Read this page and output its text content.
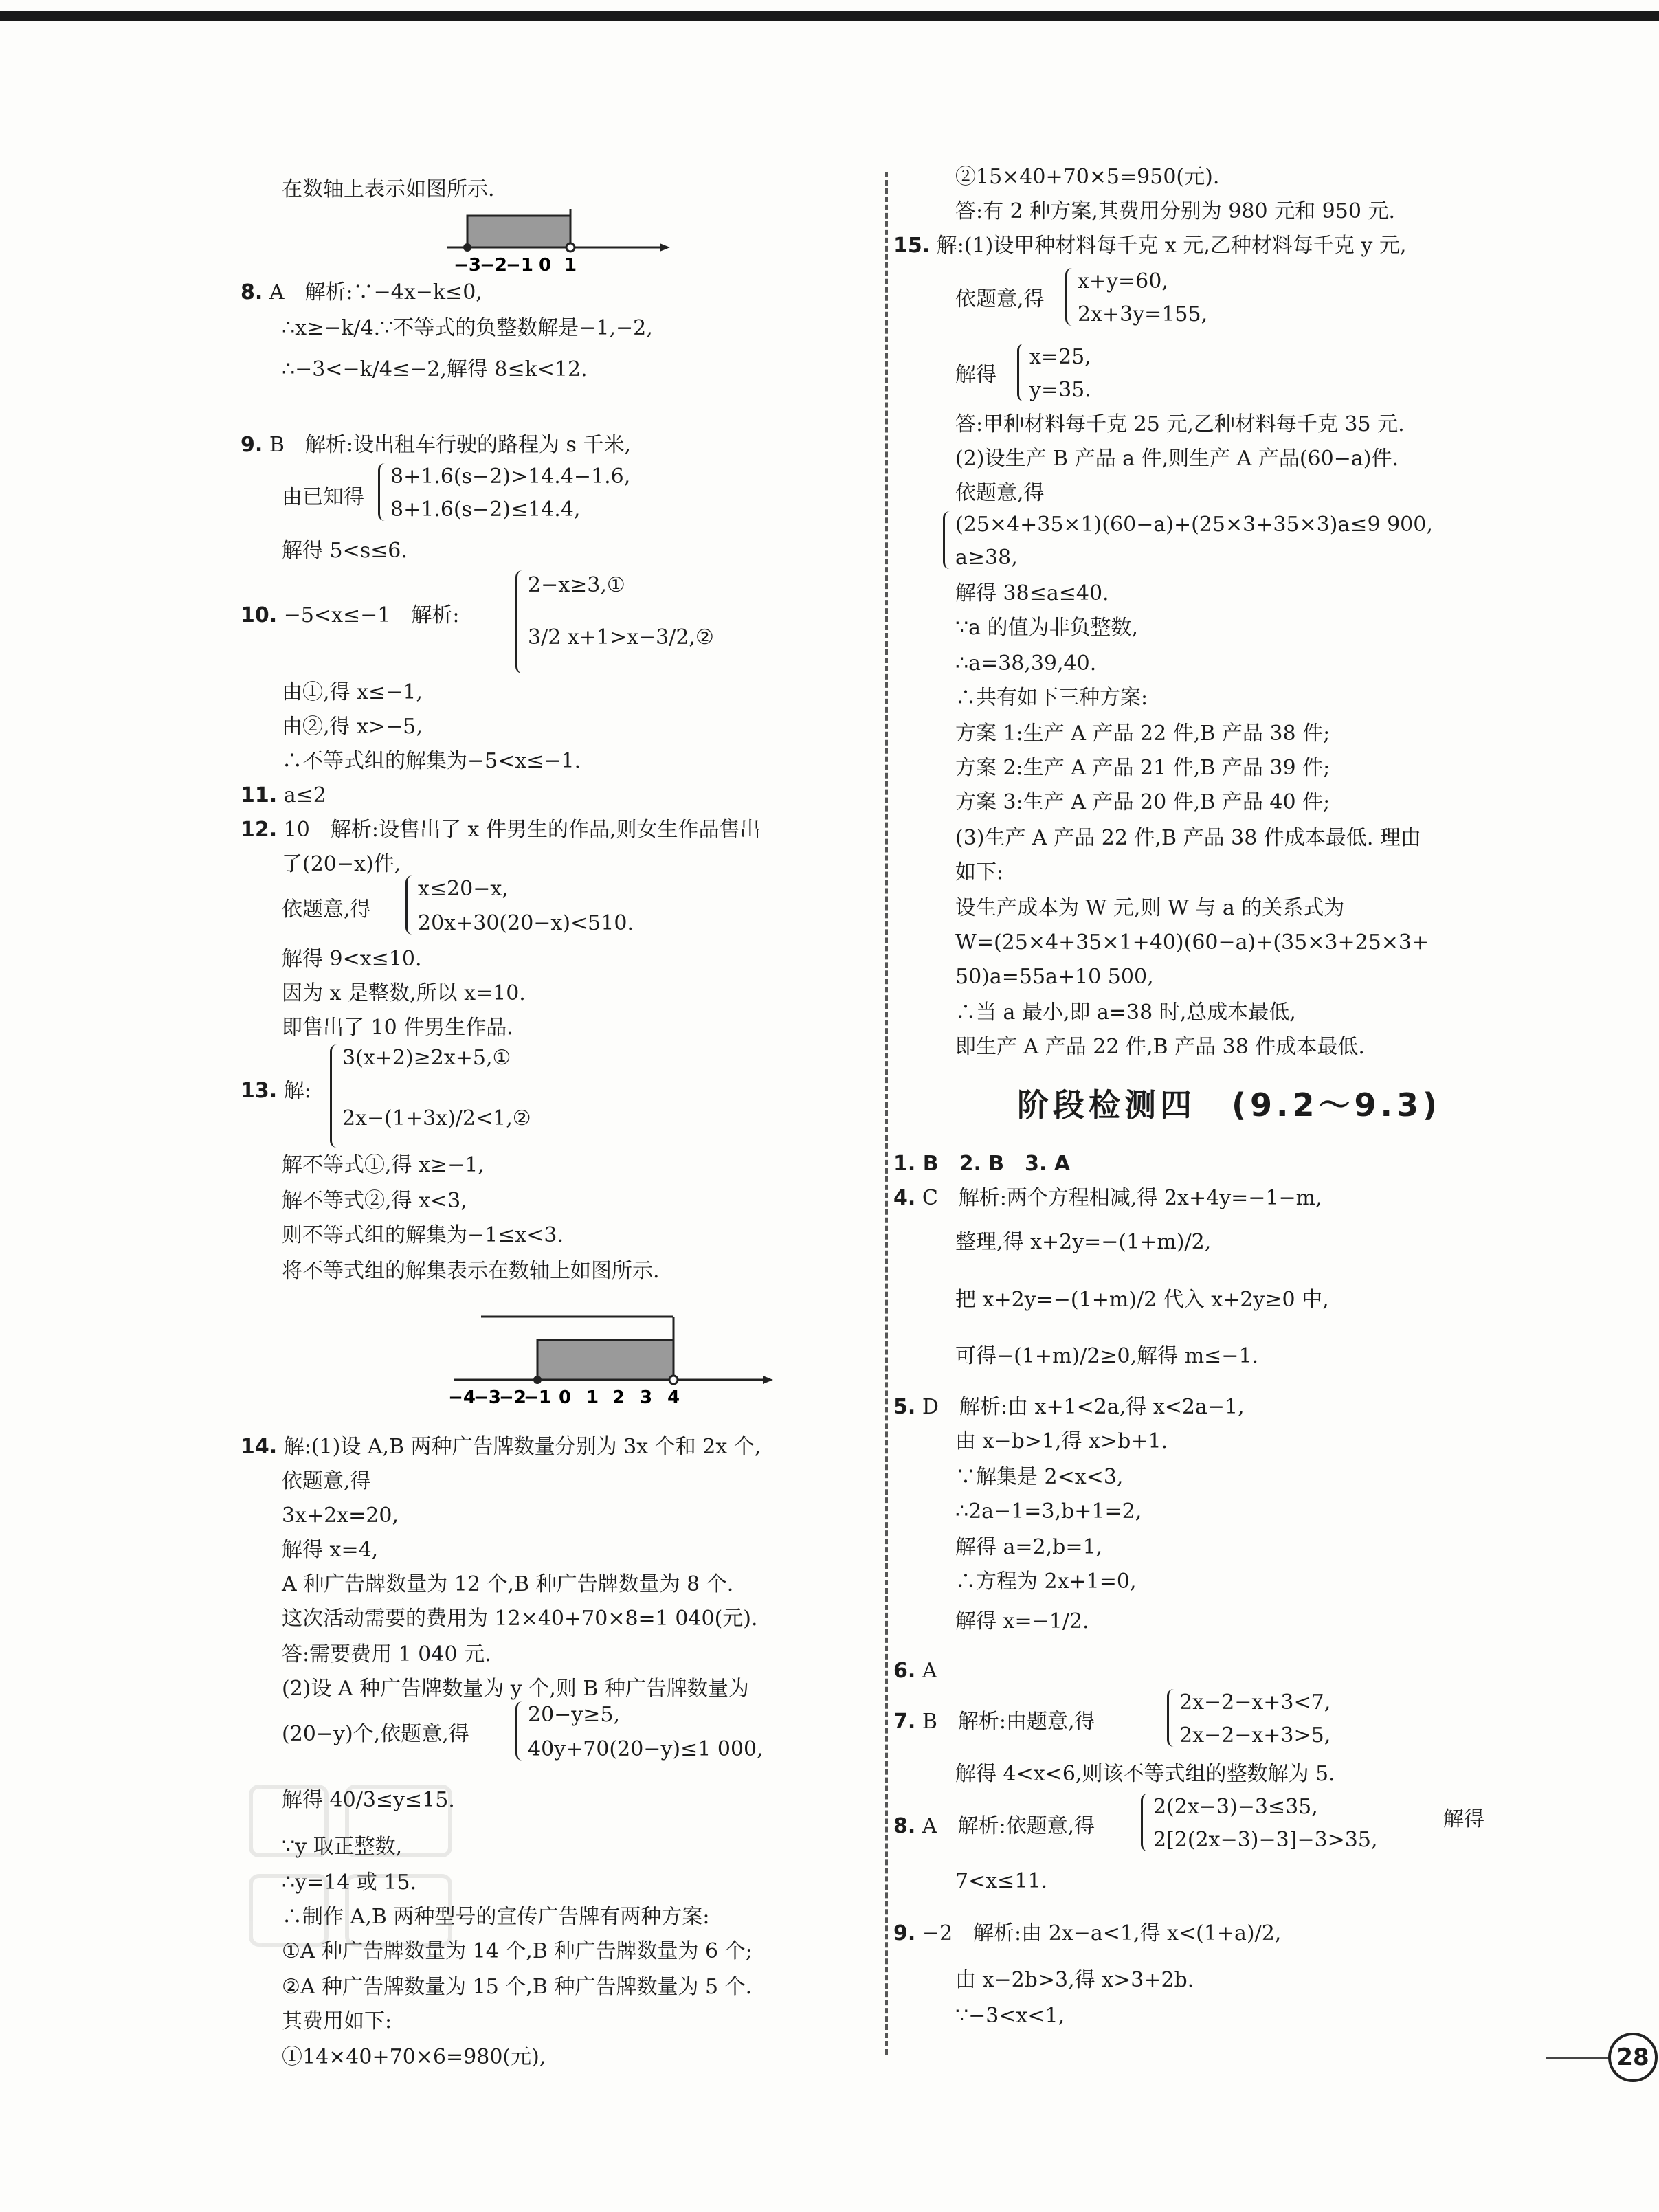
在数轴上表示如图所示.
−3
−2
−1 0 1
8. A　解析:∵−4x−k≤0,
∴x≥−k/4.∵不等式的负整数解是−1,−2,
∴−3<−k/4≤−2,解得 8≤k<12.
9. B　解析:设出租车行驶的路程为 s 千米,
由已知得
8+1.6(s−2)>14.4−1.6,
8+1.6(s−2)≤14.4,
解得 5<s≤6.
10. −5<x≤−1　解析:
2−x≥3,①
3/2 x+1>x−3/2,②
由①,得 x≤−1,
由②,得 x>−5,
∴不等式组的解集为−5<x≤−1.
11. a≤2
12. 10　解析:设售出了 x 件男生的作品,则女生作品售出
了(20−x)件,
依题意,得
x≤20−x,
20x+30(20−x)<510.
解得 9<x≤10.
因为 x 是整数,所以 x=10.
即售出了 10 件男生作品.
13. 解:
3(x+2)≥2x+5,①
2x−(1+3x)/2<1,②
解不等式①,得 x≥−1,
解不等式②,得 x<3,
则不等式组的解集为−1≤x<3.
将不等式组的解集表示在数轴上如图所示.
−4
−3
−2
−1 0 1 2 3 4
14. 解:(1)设 A,B 两种广告牌数量分别为 3x 个和 2x 个,
依题意,得
3x+2x=20,
解得 x=4,
A 种广告牌数量为 12 个,B 种广告牌数量为 8 个.
这次活动需要的费用为 12×40+70×8=1 040(元).
答:需要费用 1 040 元.
(2)设 A 种广告牌数量为 y 个,则 B 种广告牌数量为
(20−y)个,依题意,得
20−y≥5,
40y+70(20−y)≤1 000,
解得 40/3≤y≤15.
∵y 取正整数,
∴y=14 或 15.
∴制作 A,B 两种型号的宣传广告牌有两种方案:
①A 种广告牌数量为 14 个,B 种广告牌数量为 6 个;
②A 种广告牌数量为 15 个,B 种广告牌数量为 5 个.
其费用如下:
①14×40+70×6=980(元),
②15×40+70×5=950(元).
答:有 2 种方案,其费用分别为 980 元和 950 元.
15. 解:(1)设甲种材料每千克 x 元,乙种材料每千克 y 元,
依题意,得
x+y=60,
2x+3y=155,
解得
x=25,
y=35.
答:甲种材料每千克 25 元,乙种材料每千克 35 元.
(2)设生产 B 产品 a 件,则生产 A 产品(60−a)件.
依题意,得
(25×4+35×1)(60−a)+(25×3+35×3)a≤9 900,
a≥38,
解得 38≤a≤40.
∵a 的值为非负整数,
∴a=38,39,40.
∴共有如下三种方案:
方案 1:生产 A 产品 22 件,B 产品 38 件;
方案 2:生产 A 产品 21 件,B 产品 39 件;
方案 3:生产 A 产品 20 件,B 产品 40 件;
(3)生产 A 产品 22 件,B 产品 38 件成本最低. 理由
如下:
设生产成本为 W 元,则 W 与 a 的关系式为
W=(25×4+35×1+40)(60−a)+(35×3+25×3+
50)a=55a+10 500,
∴当 a 最小,即 a=38 时,总成本最低,
即生产 A 产品 22 件,B 产品 38 件成本最低.
阶段检测四　(9.2～9.3)
1. B　2. B　3. A
4. C　解析:两个方程相减,得 2x+4y=−1−m,
整理,得 x+2y=−(1+m)/2,
把 x+2y=−(1+m)/2 代入 x+2y≥0 中,
可得−(1+m)/2≥0,解得 m≤−1.
5. D　解析:由 x+1<2a,得 x<2a−1,
由 x−b>1,得 x>b+1.
∵解集是 2<x<3,
∴2a−1=3,b+1=2,
解得 a=2,b=1,
∴方程为 2x+1=0,
解得 x=−1/2.
6. A
7. B　解析:由题意,得
2x−2−x+3<7,
2x−2−x+3>5,
解得 4<x<6,则该不等式组的整数解为 5.
8. A　解析:依题意,得
2(2x−3)−3≤35,
2[2(2x−3)−3]−3>35,
解得
7<x≤11.
9. −2　解析:由 2x−a<1,得 x<(1+a)/2,
由 x−2b>3,得 x>3+2b.
∵−3<x<1,
28
